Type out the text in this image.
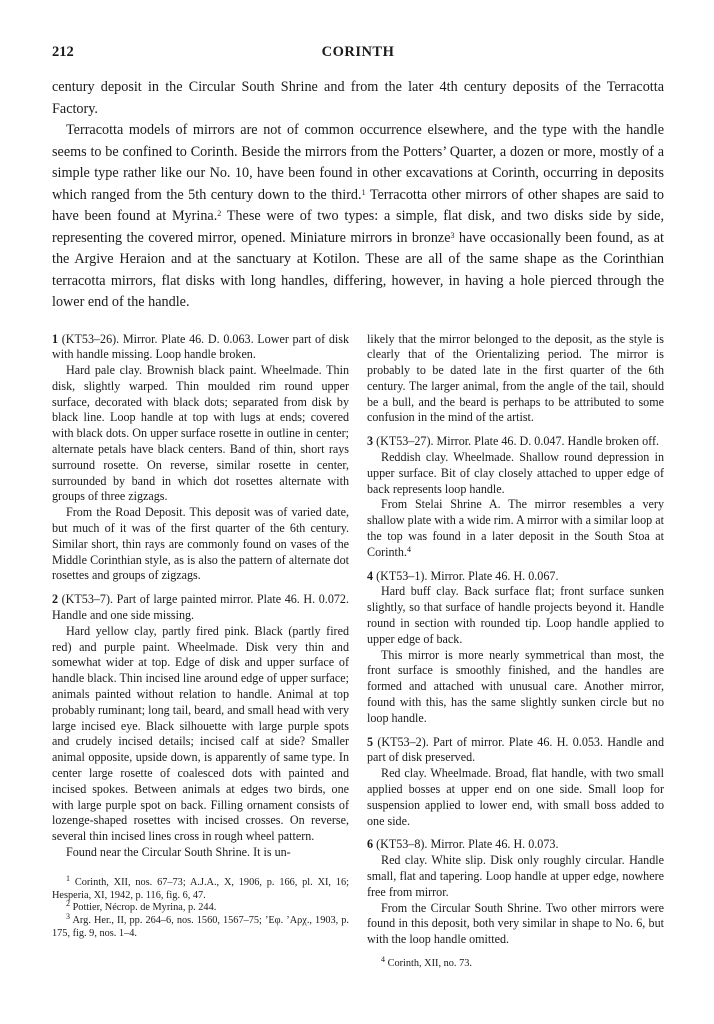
212	CORINTH

century deposit in the Circular South Shrine and from the later 4th century deposits of the Terracotta Factory.

Terracotta models of mirrors are not of common occurrence elsewhere, and the type with the handle seems to be confined to Corinth. Beside the mirrors from the Potters’ Quarter, a dozen or more, mostly of a simple type rather like our No. 10, have been found in other excavations at Corinth, occurring in deposits which ranged from the 5th century down to the third.$^1$ Terracotta other mirrors of other shapes are said to have been found at Myrina.$^2$ These were of two types: a simple, flat disk, and two disks side by side, representing the covered mirror, opened. Miniature mirrors in bronze$^3$ have occasionally been found, as at the Argive Heraion and at the sanctuary at Kotilon. These are all of the same shape as the Corinthian terracotta mirrors, flat disks with long handles, differing, however, in having a hole pierced through the lower end of the handle.

1 (KT53–26). Mirror. Plate 46. D. 0.063. Lower part of disk with handle missing. Loop handle broken.

Hard pale clay. Brownish black paint. Wheelmade. Thin disk, slightly warped. Thin moulded rim round upper surface, decorated with black dots; separated from disk by black line. Loop handle at top with lugs at ends; covered with black dots. On upper surface rosette in outline in center; alternate petals have black centers. Band of thin, short rays surround rosette. On reverse, similar rosette in center, surrounded by band in which dot rosettes alternate with groups of three zigzags.

From the Road Deposit. This deposit was of varied date, but much of it was of the first quarter of the 6th century. Similar short, thin rays are commonly found on vases of the Middle Corinthian style, as is also the pattern of alternate dot rosettes and groups of zigzags.

2 (KT53–7). Part of large painted mirror. Plate 46. H. 0.072. Handle and one side missing.

Hard yellow clay, partly fired pink. Black (partly fired red) and purple paint. Wheelmade. Disk very thin and somewhat wider at top. Edge of disk and upper surface of handle black. Thin incised line around edge of upper surface; animals painted without relation to handle. Animal at top probably ruminant; long tail, beard, and small head with very large incised eye. Black silhouette with large purple spots and crudely incised details; incised calf at side? Smaller animal opposite, upside down, is apparently of same type. In center large rosette of coalesced dots with painted and incised spokes. Between animals at edges two birds, one with large purple spot on back. Filling ornament consists of lozenge-shaped rosettes with incised crosses. On reverse, several thin incised lines cross in rough wheel pattern.

Found near the Circular South Shrine. It is un-

$^1$ Corinth, XII, nos. 67–73; A.J.A., X, 1906, p. 166, pl. XI, 16; Hesperia, XI, 1942, p. 116, fig. 6, 47.

$^2$ Pottier, Nécrop. de Myrina, p. 244.

$^3$ Arg. Her., II, pp. 264–6, nos. 1560, 1567–75; ’Εφ. ’Αρχ., 1903, p. 175, fig. 9, nos. 1–4.

likely that the mirror belonged to the deposit, as the style is clearly that of the Orientalizing period. The mirror is probably to be dated late in the first quarter of the 6th century. The larger animal, from the angle of the tail, should be a bull, and the beard is perhaps to be attributed to some confusion in the mind of the artist.

3 (KT53–27). Mirror. Plate 46. D. 0.047. Handle broken off.

Reddish clay. Wheelmade. Shallow round depression in upper surface. Bit of clay closely attached to upper edge of back represents loop handle.

From Stelai Shrine A. The mirror resembles a very shallow plate with a wide rim. A mirror with a similar loop at the top was found in a later deposit in the South Stoa at Corinth.$^4$

4 (KT53–1). Mirror. Plate 46. H. 0.067.

Hard buff clay. Back surface flat; front surface sunken slightly, so that surface of handle projects beyond it. Handle round in section with rounded tip. Loop handle applied to upper edge of back.

This mirror is more nearly symmetrical than most, the front surface is smoothly finished, and the handles are formed and attached with unusual care. Another mirror, found with this, has the same slightly sunken circle but no loop handle.

5 (KT53–2). Part of mirror. Plate 46. H. 0.053. Handle and part of disk preserved.

Red clay. Wheelmade. Broad, flat handle, with two small applied bosses at upper end on one side. Small loop for suspension applied to lower end, with small boss added to one side.

6 (KT53–8). Mirror. Plate 46. H. 0.073.

Red clay. White slip. Disk only roughly circular. Handle small, flat and tapering. Loop handle at upper edge, nowhere free from mirror.

From the Circular South Shrine. Two other mirrors were found in this deposit, both very similar in shape to No. 6, but with the loop handle omitted.

$^4$ Corinth, XII, no. 73.
